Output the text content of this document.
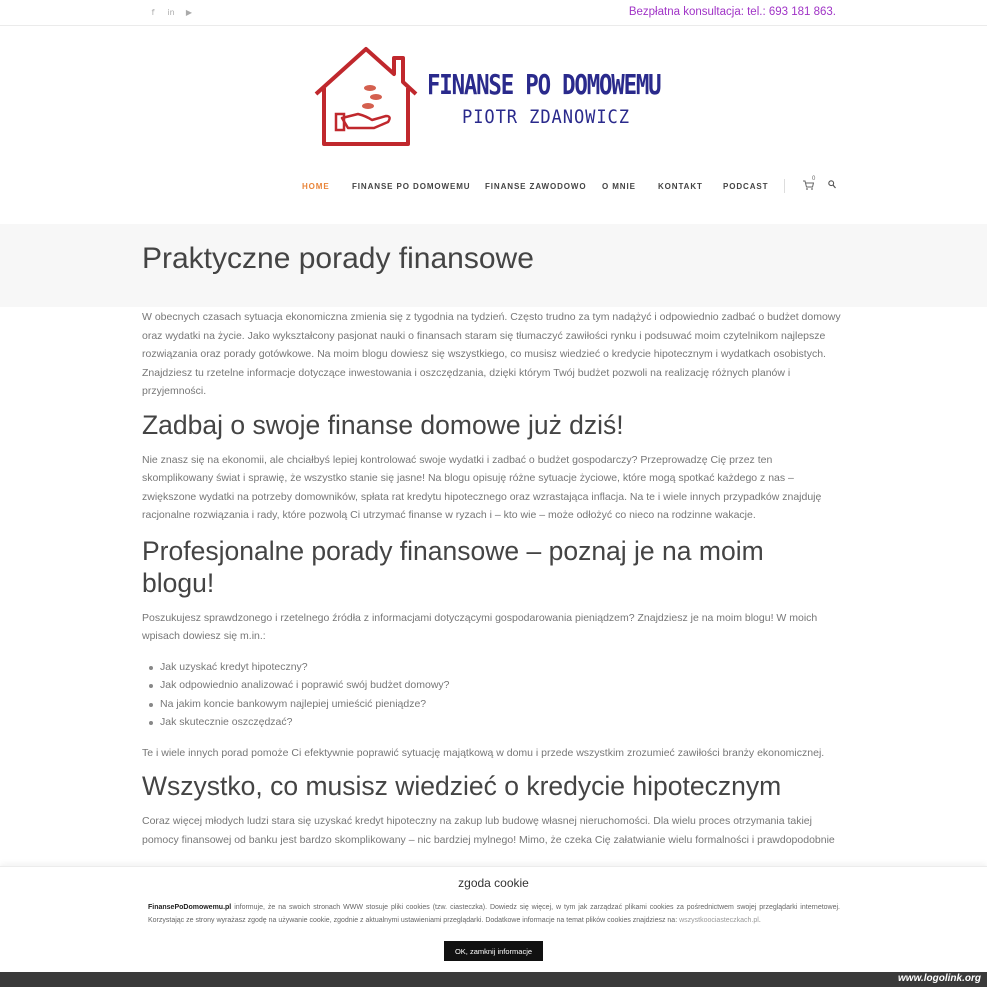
f	in ▶	Bezpłatna konsultacja: tel.: 693 181 863.
FINANSE PO DOMOWEMU
PIOTR ZDANOWICZ
HOME	FINANSE PO DOMOWEMU FINANSE ZAWODOWO O MNIE	KONTAKT	PODCAST
0
Praktyczne porady finansowe

W obecnych czasach sytuacja ekonomiczna zmienia się z tygodnia na tydzień. Często trudno za tym nadążyć i odpowiednio zadbać o budżet domowy oraz wydatki na życie. Jako wykształcony pasjonat nauki o finansach staram się tłumaczyć zawiłości rynku i podsuwać moim czytelnikom najlepsze rozwiązania oraz porady gotówkowe. Na moim blogu dowiesz się wszystkiego, co musisz wiedzieć o kredycie hipotecznym i wydatkach osobistych. Znajdziesz tu rzetelne informacje dotyczące inwestowania i oszczędzania, dzięki którym Twój budżet pozwoli na realizację różnych planów i przyjemności.

Zadbaj o swoje finanse domowe już dziś!

Nie znasz się na ekonomii, ale chciałbyś lepiej kontrolować swoje wydatki i zadbać o budżet gospodarczy? Przeprowadzę Cię przez ten skomplikowany świat i sprawię, że wszystko stanie się jasne! Na blogu opisuję różne sytuacje życiowe, które mogą spotkać każdego z nas – zwiększone wydatki na potrzeby domowników, spłata rat kredytu hipotecznego oraz wzrastająca inflacja. Na te i wiele innych przypadków znajduję racjonalne rozwiązania i rady, które pozwolą Ci utrzymać finanse w ryzach i – kto wie – może odłożyć co nieco na rodzinne wakacje.

Profesjonalne porady finansowe – poznaj je na moim blogu!

Poszukujesz sprawdzonego i rzetelnego źródła z informacjami dotyczącymi gospodarowania pieniądzem? Znajdziesz je na moim blogu! W moich wpisach dowiesz się m.in.:

Jak uzyskać kredyt hipoteczny?
Jak odpowiednio analizować i poprawić swój budżet domowy?
Na jakim koncie bankowym najlepiej umieścić pieniądze?
Jak skutecznie oszczędzać?

Te i wiele innych porad pomoże Ci efektywnie poprawić sytuację majątkową w domu i przede wszystkim zrozumieć zawiłości branży ekonomicznej.

Wszystko, co musisz wiedzieć o kredycie hipotecznym

Coraz więcej młodych ludzi stara się uzyskać kredyt hipoteczny na zakup lub budowę własnej nieruchomości. Dla wielu proces otrzymania takiej pomocy finansowej od banku jest bardzo skomplikowany – nic bardziej mylnego! Mimo, że czeka Cię załatwianie wielu formalności i prawdopodobnie

zgoda cookie
FinansePoDomowemu.pl informuje, że na swoich stronach WWW stosuje pliki cookies (tzw. ciasteczka). Dowiedz się więcej, w tym jak zarządzać plikami cookies za pośrednictwem swojej przeglądarki internetowej. Korzystając ze strony wyrażasz zgodę na używanie cookie, zgodnie z aktualnymi ustawieniami przeglądarki. Dodatkowe informacje na temat plików cookies znajdziesz na: wszystkoociasteczkach.pl.
OK, zamknij informacje
www.logolink.org
